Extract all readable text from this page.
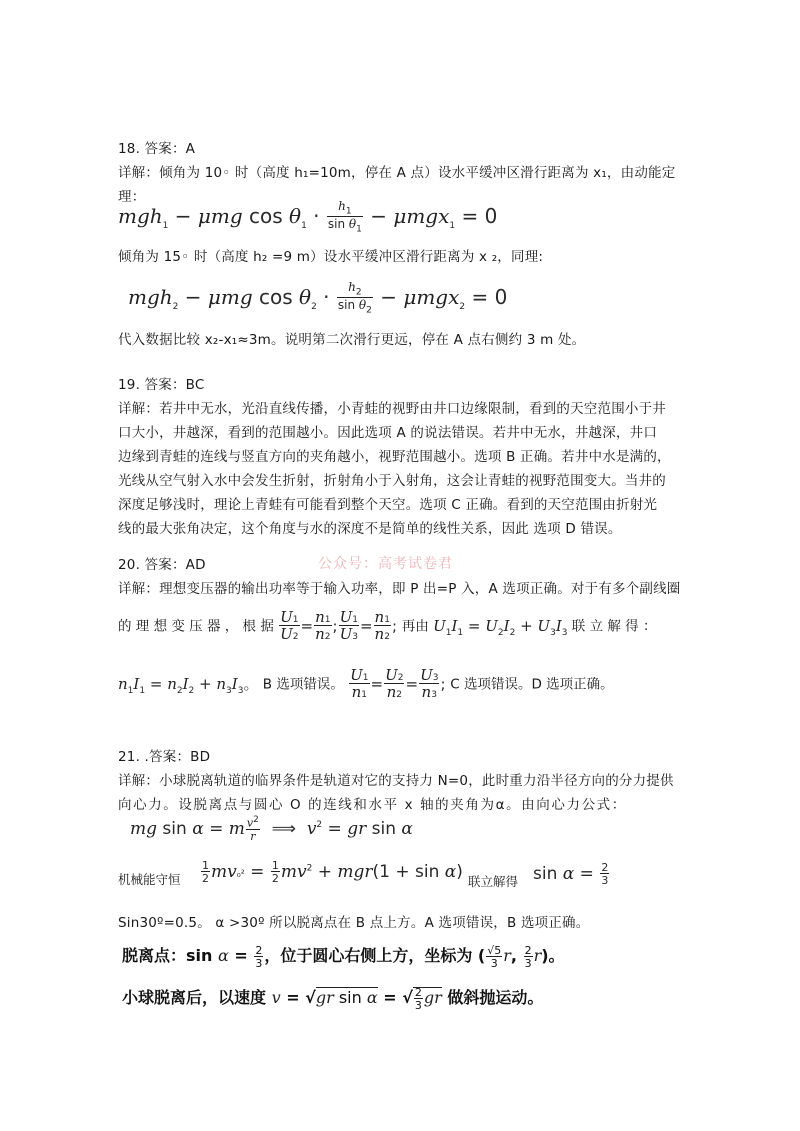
18. 答案：A

详解：倾角为 10◦ 时（高度 h₁=10m，停在 A 点）设水平缓冲区滑行距离为 x₁，由动能定

理：

mgh$_1$ − μmg $\cos \theta_1 \cdot \frac{h_1}{\sin \theta_1} - \mu mgx_1 = 0$

倾角为 15◦ 时（高度 h₂ =9 m）设水平缓冲区滑行距离为 x ₂，同理:

mgh$_2$ − μmg $\cos \theta_2 \cdot \frac{h_2}{\sin \theta_2} - \mu mgx_2 = 0$

代入数据比较 x₂-x₁≈3m。说明第二次滑行更远，停在 A 点右侧约 3 m 处。

19. 答案：BC

详解：若井中无水，光沿直线传播，小青蛙的视野由井口边缘限制，看到的天空范围小于井

口大小，井越深，看到的范围越小。因此选项 A 的说法错误。若井中无水，井越深，井口

边缘到青蛙的连线与竖直方向的夹角越小，视野范围越小。选项 B 正确。若井中水是满的，

光线从空气射入水中会发生折射，折射角小于入射角，这会让青蛙的视野范围变大。当井的

深度足够浅时，理论上青蛙有可能看到整个天空。选项 C 正确。看到的天空范围由折射光

线的最大张角决定，这个角度与水的深度不是简单的线性关系，因此 选项 D 错误。

公众号：高考试卷君

20. 答案：AD

详解：理想变压器的输出功率等于输入功率，即 P 出=P 入，A 选项正确。对于有多个副线圈

的 理 想 变 压 器 ， 根 据 $\frac{U1}{U2} = \frac{n1}{n2}$ ; $\frac{U1}{U3} = \frac{n1}{n2}$ ; 再由 $U_1I_1 = U_2I_2 + U_3I_3$ 联 立 解 得 ：
$n_1I_1 = n_2I_2 + n_3I_3$。 B 选项错误。 $\frac{U1}{n1} = \frac{U2}{n2} = \frac{U3}{n3}$ ; C 选项错误。D 选项正确。

21. .答案：BD

详解：小球脱离轨道的临界条件是轨道对它的支持力 N=0，此时重力沿半径方向的分力提供

向心力。设脱离点与圆心 O 的连线和水平 x 轴的夹角为α。由向心力公式：

mg sin α = m $\frac{v^2}{r}$ ⟹  $v^2$ = gr sin α
机械能守恒 $\frac{1}{2} mv_0^2 = \frac{1}{2} mv^2 + mgr(1 + \sin \alpha)$ 联立解得 $\sin \alpha = \frac{2}{3}$

Sin30º=0.5。 α >30º 所以脱离点在 B 点上方。A 选项错误，B 选项正确。

脱离点：$\sin \alpha = \frac{2}{3}$ ，位于圆心右侧上方，坐标为 ( $\frac{√5}{3} r$, $\frac{2}{3} r$)。
小球脱离后，以速度 v = √gr sin α = √ $\frac{2}{3}$ gr 做斜抛运动。
